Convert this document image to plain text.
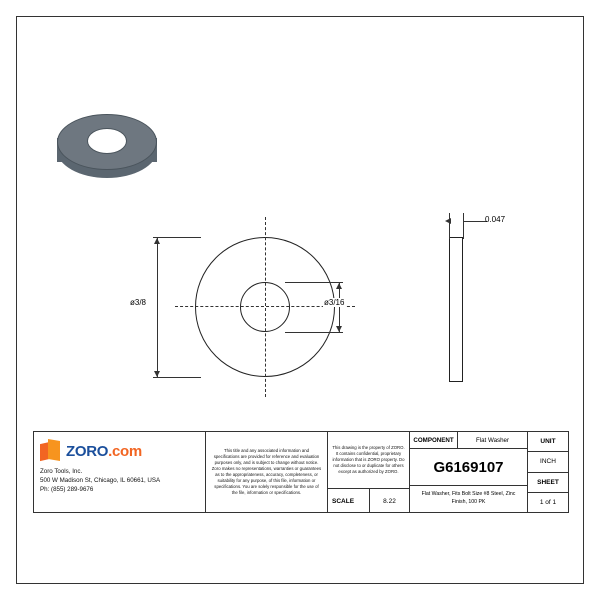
ø3/8	ø3/16
0.047
ZORO.com
Zoro Tools, Inc.
500 W Madison St, Chicago, IL 60661, USA
Ph: (855) 289-9676
This title and any associated information and specifications are provided for reference and evaluation purposes only, and is subject to change without notice. Zoro makes no representations, warranties or guarantees as to the appropriateness, accuracy, completeness, or suitability for any purpose, of this file, information or specifications. You are solely responsible for the use of the file, information or specifications.
This drawing is the property of ZORO. It contains confidential, proprietary information that is ZORO property. Do not disclose to or duplicate for others except as authorized by ZORO.
SCALE	8.22
COMPONENT	Flat Washer
G6169107
Flat Washer, Fits Bolt Size #8 Steel, Zinc Finish, 100 PK
UNIT
INCH
SHEET
1 of 1
